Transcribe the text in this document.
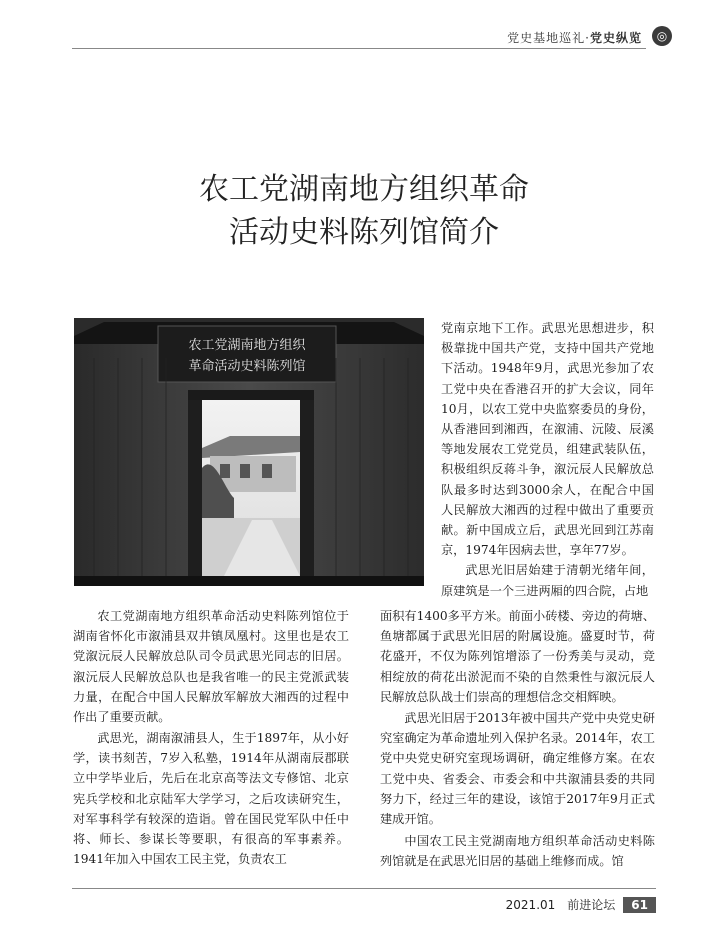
党史基地巡礼·党史纵览	◎
农工党湖南地方组织革命
活动史料陈列馆简介
农工党湖南地方组织
革命活动史料陈列馆

党南京地下工作。武思光思想进步，积极靠拢中国共产党，支持中国共产党地下活动。1948年9月，武思光参加了农工党中央在香港召开的扩大会议，同年10月，以农工党中央监察委员的身份，从香港回到湘西，在溆浦、沅陵、辰溪等地发展农工党党员，组建武装队伍，积极组织反蒋斗争，溆沅辰人民解放总队最多时达到3000余人，在配合中国人民解放大湘西的过程中做出了重要贡献。新中国成立后，武思光回到江苏南京，1974年因病去世，享年77岁。
武思光旧居始建于清朝光绪年间，原建筑是一个三进两厢的四合院，占地

农工党湖南地方组织革命活动史料陈列馆位于湖南省怀化市溆浦县双井镇凤凰村。这里也是农工党溆沅辰人民解放总队司令员武思光同志的旧居。溆沅辰人民解放总队也是我省唯一的民主党派武装力量，在配合中国人民解放军解放大湘西的过程中作出了重要贡献。

武思光，湖南溆浦县人，生于1897年，从小好学，读书刻苦，7岁入私塾，1914年从湖南辰郡联立中学毕业后，先后在北京高等法文专修馆、北京宪兵学校和北京陆军大学学习，之后攻读研究生，对军事科学有较深的造诣。曾在国民党军队中任中将、师长、参谋长等要职，有很高的军事素养。1941年加入中国农工民主党，负责农工

面积有1400多平方米。前面小砖楼、旁边的荷塘、鱼塘都属于武思光旧居的附属设施。盛夏时节，荷花盛开，不仅为陈列馆增添了一份秀美与灵动，竞相绽放的荷花出淤泥而不染的自然秉性与溆沅辰人民解放总队战士们崇高的理想信念交相辉映。

武思光旧居于2013年被中国共产党中央党史研究室确定为革命遗址列入保护名录。2014年，农工党中央党史研究室现场调研，确定维修方案。在农工党中央、省委会、市委会和中共溆浦县委的共同努力下，经过三年的建设，该馆于2017年9月正式建成开馆。

中国农工民主党湖南地方组织革命活动史料陈列馆就是在武思光旧居的基础上维修而成。馆

2021.01 前进论坛 61
